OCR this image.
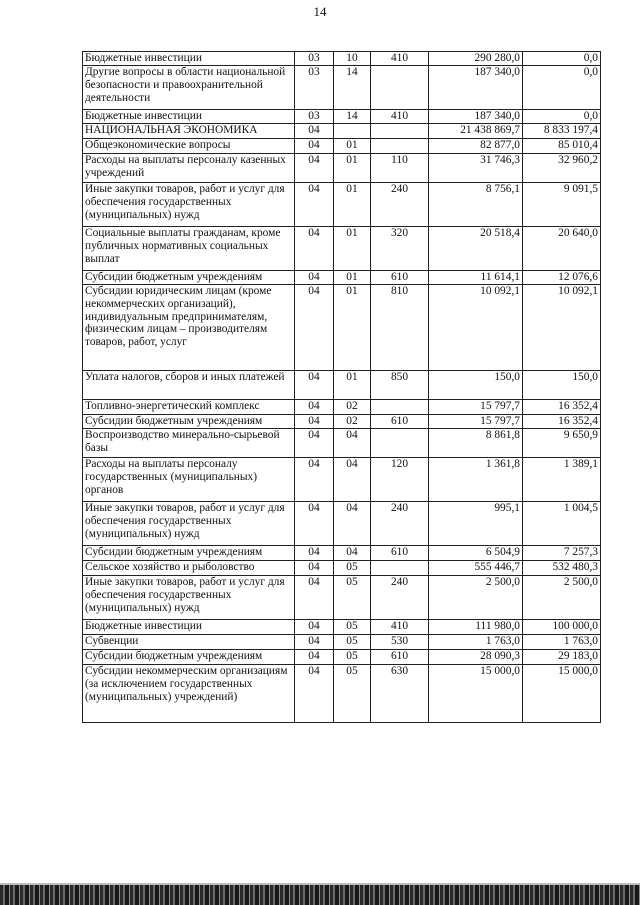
14
Бюджетные инвестиции	03	10	410	290 280,0	0,0
Другие вопросы в области национальной безопасности и правоохранительной деятельности	03	14		187 340,0	0,0
Бюджетные инвестиции	03	14	410	187 340,0	0,0
НАЦИОНАЛЬНАЯ ЭКОНОМИКА	04			21 438 869,7	8 833 197,4
Общеэкономические вопросы	04	01		82 877,0	85 010,4
Расходы на выплаты персоналу казенных учреждений	04	01	110	31 746,3	32 960,2
Иные закупки товаров, работ и услуг для обеспечения государственных (муниципальных) нужд	04	01	240	8 756,1	9 091,5
Социальные выплаты гражданам, кроме публичных нормативных социальных выплат	04	01	320	20 518,4	20 640,0
Субсидии бюджетным учреждениям	04	01	610	11 614,1	12 076,6
Субсидии юридическим лицам (кроме некоммерческих организаций), индивидуальным предпринимателям, физическим лицам – производителям товаров, работ, услуг	04	01	810	10 092,1	10 092,1
Уплата налогов, сборов и иных платежей	04	01	850	150,0	150,0
Топливно-энергетический комплекс	04	02		15 797,7	16 352,4
Субсидии бюджетным учреждениям	04	02	610	15 797,7	16 352,4
Воспроизводство минерально-сырьевой базы	04	04		8 861,8	9 650,9
Расходы на выплаты персоналу государственных (муниципальных) органов	04	04	120	1 361,8	1 389,1
Иные закупки товаров, работ и услуг для обеспечения государственных (муниципальных) нужд	04	04	240	995,1	1 004,5
Субсидии бюджетным учреждениям	04	04	610	6 504,9	7 257,3
Сельское хозяйство и рыболовство	04	05		555 446,7	532 480,3
Иные закупки товаров, работ и услуг для обеспечения государственных (муниципальных) нужд	04	05	240	2 500,0	2 500,0
Бюджетные инвестиции	04	05	410	111 980,0	100 000,0
Субвенции	04	05	530	1 763,0	1 763,0
Субсидии бюджетным учреждениям	04	05	610	28 090,3	29 183,0
Субсидии некоммерческим организациям (за исключением государственных (муниципальных) учреждений)	04	05	630	15 000,0	15 000,0
